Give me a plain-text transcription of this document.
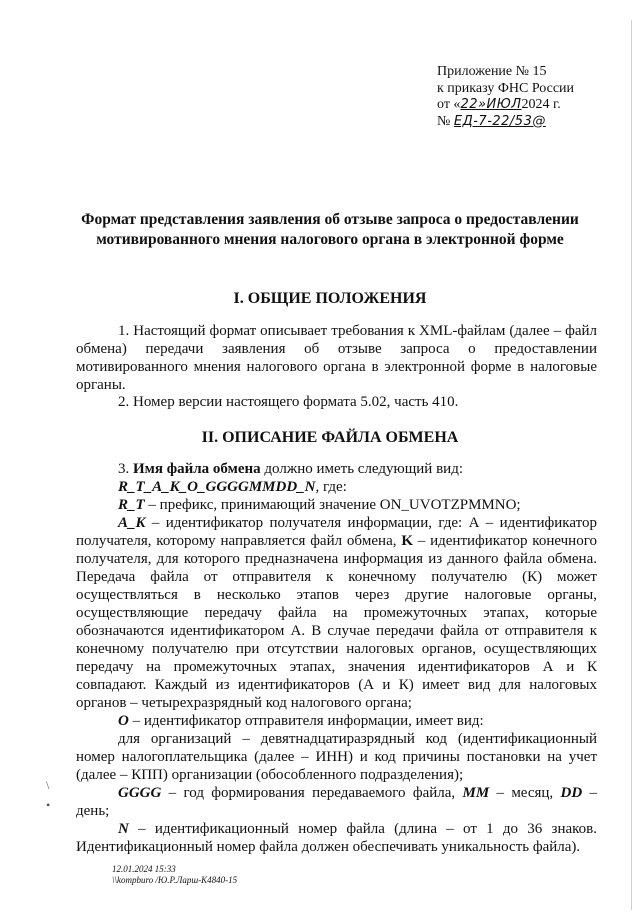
Приложение № 15
к приказу ФНС России
от «22»ИЮЛ2024 г.
№ ЕД-7-22/53@
Формат представления заявления об отзыве запроса о предоставлении
мотивированного мнения налогового органа в электронной форме
I. ОБЩИЕ ПОЛОЖЕНИЯ
1. Настоящий формат описывает требования к XML-файлам (далее – файл обмена) передачи заявления об отзыве запроса о предоставлении мотивированного мнения налогового органа в электронной форме в налоговые органы.
2. Номер версии настоящего формата 5.02, часть 410.
II. ОПИСАНИЕ ФАЙЛА ОБМЕНА
3. Имя файла обмена должно иметь следующий вид:
R_T_A_K_O_GGGGMMDD_N, где:
R_T – префикс, принимающий значение ON_UVOTZPMMNO;
A_K – идентификатор получателя информации, где: А – идентификатор получателя, которому направляется файл обмена, K – идентификатор конечного получателя, для которого предназначена информация из данного файла обмена. Передача файла от отправителя к конечному получателю (К) может осуществляться в несколько этапов через другие налоговые органы, осуществляющие передачу файла на промежуточных этапах, которые обозначаются идентификатором А. В случае передачи файла от отправителя к конечному получателю при отсутствии налоговых органов, осуществляющих передачу на промежуточных этапах, значения идентификаторов А и К совпадают. Каждый из идентификаторов (А и К) имеет вид для налоговых органов – четырехразрядный код налогового органа;
O – идентификатор отправителя информации, имеет вид:
для организаций – девятнадцатиразрядный код (идентификационный номер налогоплательщика (далее – ИНН) и код причины постановки на учет (далее – КПП) организации (обособленного подразделения);
GGGG – год формирования передаваемого файла, MM – месяц, DD – день;
N – идентификационный номер файла (длина – от 1 до 36 знаков. Идентификационный номер файла должен обеспечивать уникальность файла).
\
•
12.01.2024 15:33
\\kompburo /Ю.Р.Ларш-К4840-15
